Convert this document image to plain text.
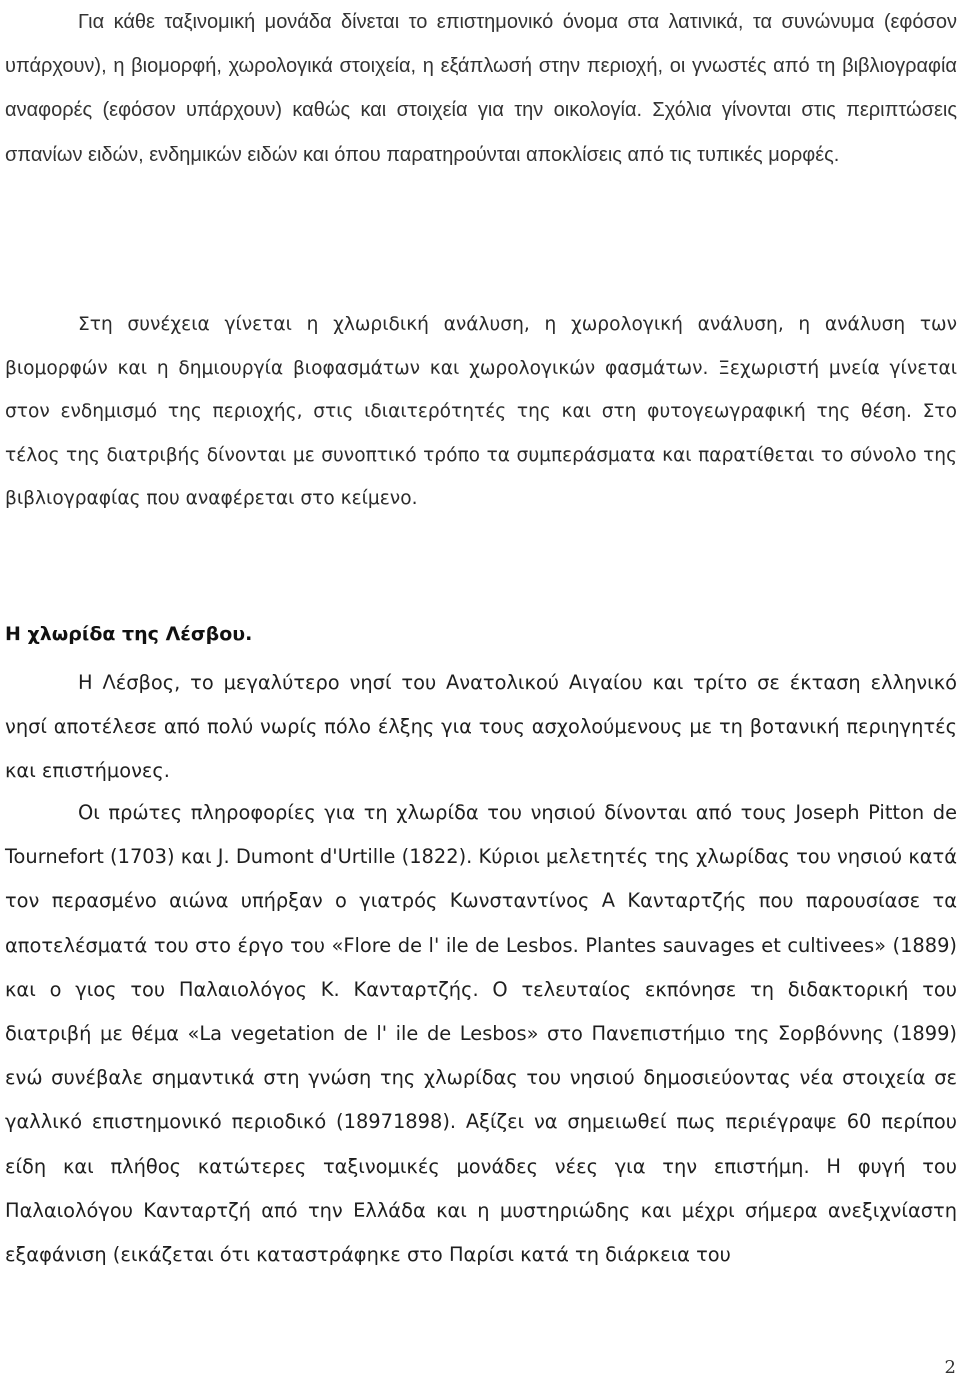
Για κάθε ταξινομική μονάδα δίνεται το επιστημονικό όνομα στα λατινικά, τα συνώνυμα (εφόσον υπάρχουν), η βιομορφή, χωρολογικά στοιχεία, η εξάπλωσή στην περιοχή, οι γνωστές από τη βιβλιογραφία αναφορές (εφόσον υπάρχουν) καθώς και στοιχεία για την οικολογία. Σχόλια γίνονται στις περιπτώσεις σπανίων ειδών, ενδημικών ειδών και όπου παρατηρούνται αποκλίσεις από τις τυπικές μορφές.

Στη συνέχεια γίνεται η χλωριδική ανάλυση, η χωρολογική ανάλυση, η ανάλυση των βιομορφών και η δημιουργία βιοφασμάτων και χωρολογικών φασμάτων. Ξεχωριστή μνεία γίνεται στον ενδημισμό της περιοχής, στις ιδιαιτερότητές της και στη φυτογεωγραφική της θέση. Στο τέλος της διατριβής δίνονται με συνοπτικό τρόπο τα συμπεράσματα και παρατίθεται το σύνολο της βιβλιογραφίας που αναφέρεται στο κείμενο.

Η χλωρίδα της Λέσβου.

Η Λέσβος, το μεγαλύτερο νησί του Ανατολικού Αιγαίου και τρίτο σε έκταση ελληνικό νησί αποτέλεσε από πολύ νωρίς πόλο έλξης για τους ασχολούμενους με τη βοτανική περιηγητές και επιστήμονες.

Οι πρώτες πληροφορίες για τη χλωρίδα του νησιού δίνονται από τους Joseph Pitton de Tournefort (1703) και J. Dumont d'Urtille (1822). Κύριοι μελετητές της χλωρίδας του νησιού κατά τον περασμένο αιώνα υπήρξαν ο γιατρός Κωνσταντίνος Α Κανταρτζής που παρουσίασε τα αποτελέσματά του στο έργο του «Flore de l' ile de Lesbos. Plantes sauvages et cultivees» (1889) και ο γιος του Παλαιολόγος Κ. Κανταρτζής. Ο τελευταίος εκπόνησε τη διδακτορική του διατριβή με θέμα «La vegetation de l' ile de Lesbos» στο Πανεπιστήμιο της Σορβόννης (1899) ενώ συνέβαλε σημαντικά στη γνώση της χλωρίδας του νησιού δημοσιεύοντας νέα στοιχεία σε γαλλικό επιστημονικό περιοδικό (18971898). Αξίζει να σημειωθεί πως περιέγραψε 60 περίπου είδη και πλήθος κατώτερες ταξινομικές μονάδες νέες για την επιστήμη. Η φυγή του Παλαιολόγου Κανταρτζή από την Ελλάδα και η μυστηριώδης και μέχρι σήμερα ανεξιχνίαστη εξαφάνιση (εικάζεται ότι καταστράφηκε στο Παρίσι κατά τη διάρκεια του

2
